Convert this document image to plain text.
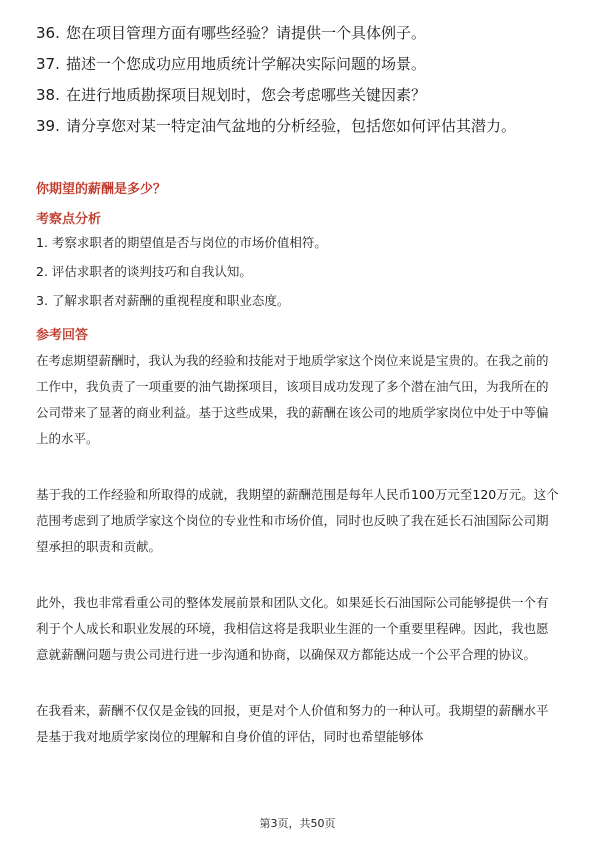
36. 您在项目管理方面有哪些经验？请提供一个具体例子。
37. 描述一个您成功应用地质统计学解决实际问题的场景。
38. 在进行地质勘探项目规划时，您会考虑哪些关键因素？
39. 请分享您对某一特定油气盆地的分析经验，包括您如何评估其潜力。
你期望的薪酬是多少？
考察点分析
1. 考察求职者的期望值是否与岗位的市场价值相符。
2. 评估求职者的谈判技巧和自我认知。
3. 了解求职者对薪酬的重视程度和职业态度。
参考回答

在考虑期望薪酬时，我认为我的经验和技能对于地质学家这个岗位来说是宝贵的。在我之前的工作中，我负责了一项重要的油气勘探项目，该项目成功发现了多个潜在油气田，为我所在的公司带来了显著的商业利益。基于这些成果，我的薪酬在该公司的地质学家岗位中处于中等偏上的水平。

基于我的工作经验和所取得的成就，我期望的薪酬范围是每年人民币100万元至120万元。这个范围考虑到了地质学家这个岗位的专业性和市场价值，同时也反映了我在延长石油国际公司期望承担的职责和贡献。

此外，我也非常看重公司的整体发展前景和团队文化。如果延长石油国际公司能够提供一个有利于个人成长和职业发展的环境，我相信这将是我职业生涯的一个重要里程碑。因此，我也愿意就薪酬问题与贵公司进行进一步沟通和协商，以确保双方都能达成一个公平合理的协议。

在我看来，薪酬不仅仅是金钱的回报，更是对个人价值和努力的一种认可。我期望的薪酬水平是基于我对地质学家岗位的理解和自身价值的评估，同时也希望能够体

第3页，共50页
